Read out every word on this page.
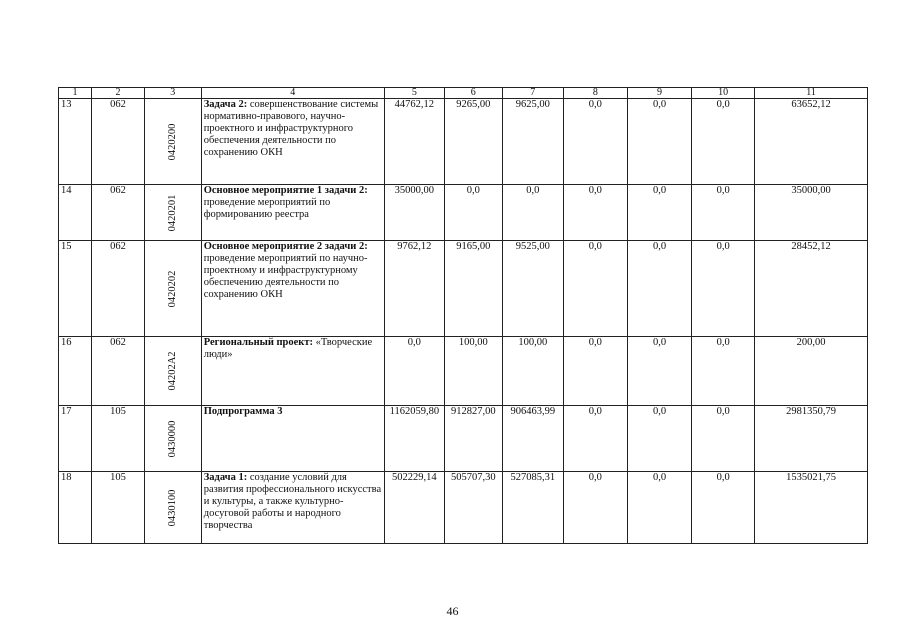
1	2	3	4	5	6	7	8	9	10	11
13	062	0420200	Задача 2: совершенствование системы нормативно-правового, научно-проектного и инфраструктурного обеспечения деятельности по сохранению ОКН	44762,12	9265,00	9625,00	0,0	0,0	0,0	63652,12
14	062	0420201	Основное мероприятие 1 задачи 2: проведение мероприятий по формированию реестра	35000,00	0,0	0,0	0,0	0,0	0,0	35000,00
15	062	0420202	Основное мероприятие 2 задачи 2: проведение мероприятий по научно-проектному и инфраструктурному обеспечению деятельности по сохранению ОКН	9762,12	9165,00	9525,00	0,0	0,0	0,0	28452,12
16	062	04202А2	Региональный проект: «Творческие люди»	0,0	100,00	100,00	0,0	0,0	0,0	200,00
17	105	0430000	Подпрограмма 3	1162059,80	912827,00	906463,99	0,0	0,0	0,0	2981350,79
18	105	0430100	Задача 1: создание условий для развития профессионального искусства и культуры, а также культурно-досуговой работы и народного творчества	502229,14	505707,30	527085,31	0,0	0,0	0,0	1535021,75
46
